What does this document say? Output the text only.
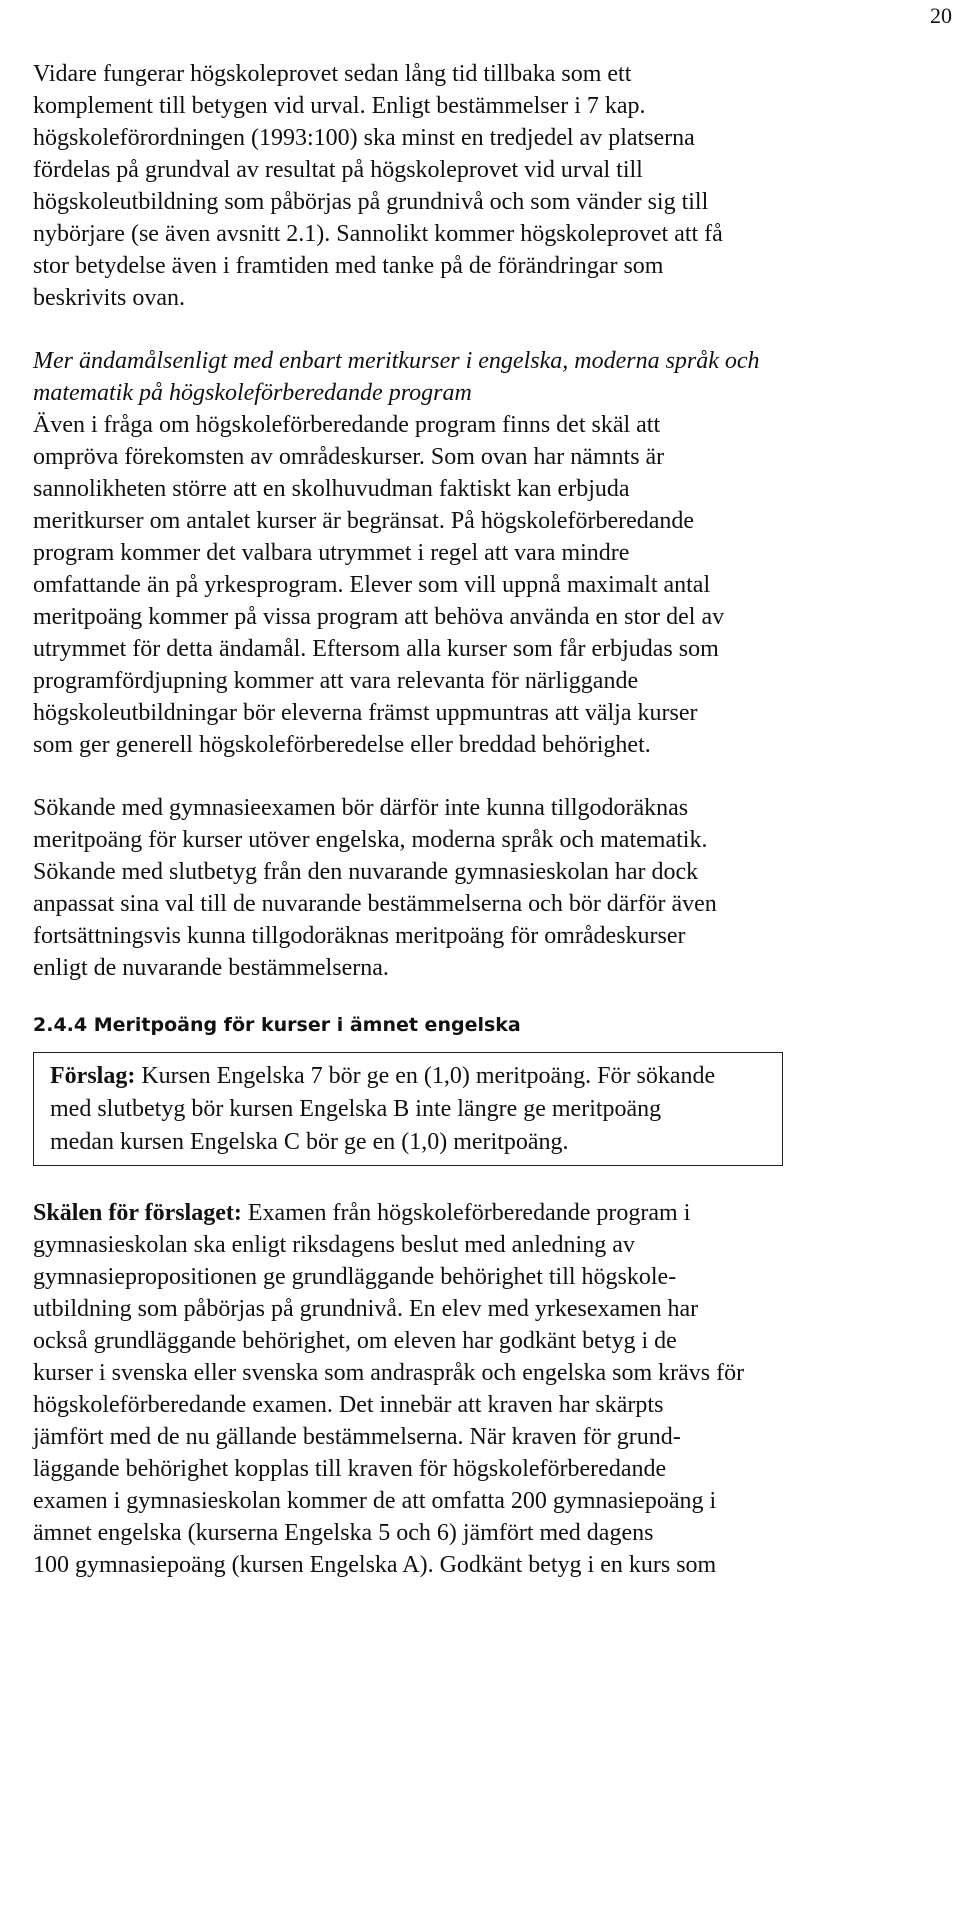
20

Vidare fungerar högskoleprovet sedan lång tid tillbaka som ett
komplement till betygen vid urval. Enligt bestämmelser i 7 kap.
högskoleförordningen (1993:100) ska minst en tredjedel av platserna
fördelas på grundval av resultat på högskoleprovet vid urval till
högskoleutbildning som påbörjas på grundnivå och som vänder sig till
nybörjare (se även avsnitt 2.1). Sannolikt kommer högskoleprovet att få
stor betydelse även i framtiden med tanke på de förändringar som
beskrivits ovan.

Mer ändamålsenligt med enbart meritkurser i engelska, moderna språk och
matematik på högskoleförberedande program

Även i fråga om högskoleförberedande program finns det skäl att
ompröva förekomsten av områdeskurser. Som ovan har nämnts är
sannolikheten större att en skolhuvudman faktiskt kan erbjuda
meritkurser om antalet kurser är begränsat. På högskoleförberedande
program kommer det valbara utrymmet i regel att vara mindre
omfattande än på yrkesprogram. Elever som vill uppnå maximalt antal
meritpoäng kommer på vissa program att behöva använda en stor del av
utrymmet för detta ändamål. Eftersom alla kurser som får erbjudas som
programfördjupning kommer att vara relevanta för närliggande
högskoleutbildningar bör eleverna främst uppmuntras att välja kurser
som ger generell högskoleförberedelse eller breddad behörighet.

Sökande med gymnasieexamen bör därför inte kunna tillgodoräknas
meritpoäng för kurser utöver engelska, moderna språk och matematik.
Sökande med slutbetyg från den nuvarande gymnasieskolan har dock
anpassat sina val till de nuvarande bestämmelserna och bör därför även
fortsättningsvis kunna tillgodoräknas meritpoäng för områdeskurser
enligt de nuvarande bestämmelserna.

2.4.4 Meritpoäng för kurser i ämnet engelska

Förslag: Kursen Engelska 7 bör ge en (1,0) meritpoäng. För sökande
med slutbetyg bör kursen Engelska B inte längre ge meritpoäng
medan kursen Engelska C bör ge en (1,0) meritpoäng.

Skälen för förslaget: Examen från högskoleförberedande program i
gymnasieskolan ska enligt riksdagens beslut med anledning av
gymnasiepropositionen ge grundläggande behörighet till högskole-
utbildning som påbörjas på grundnivå. En elev med yrkesexamen har
också grundläggande behörighet, om eleven har godkänt betyg i de
kurser i svenska eller svenska som andraspråk och engelska som krävs för
högskoleförberedande examen. Det innebär att kraven har skärpts
jämfört med de nu gällande bestämmelserna. När kraven för grund-
läggande behörighet kopplas till kraven för högskoleförberedande
examen i gymnasieskolan kommer de att omfatta 200 gymnasiepoäng i
ämnet engelska (kurserna Engelska 5 och 6) jämfört med dagens
100 gymnasiepoäng (kursen Engelska A). Godkänt betyg i en kurs som
